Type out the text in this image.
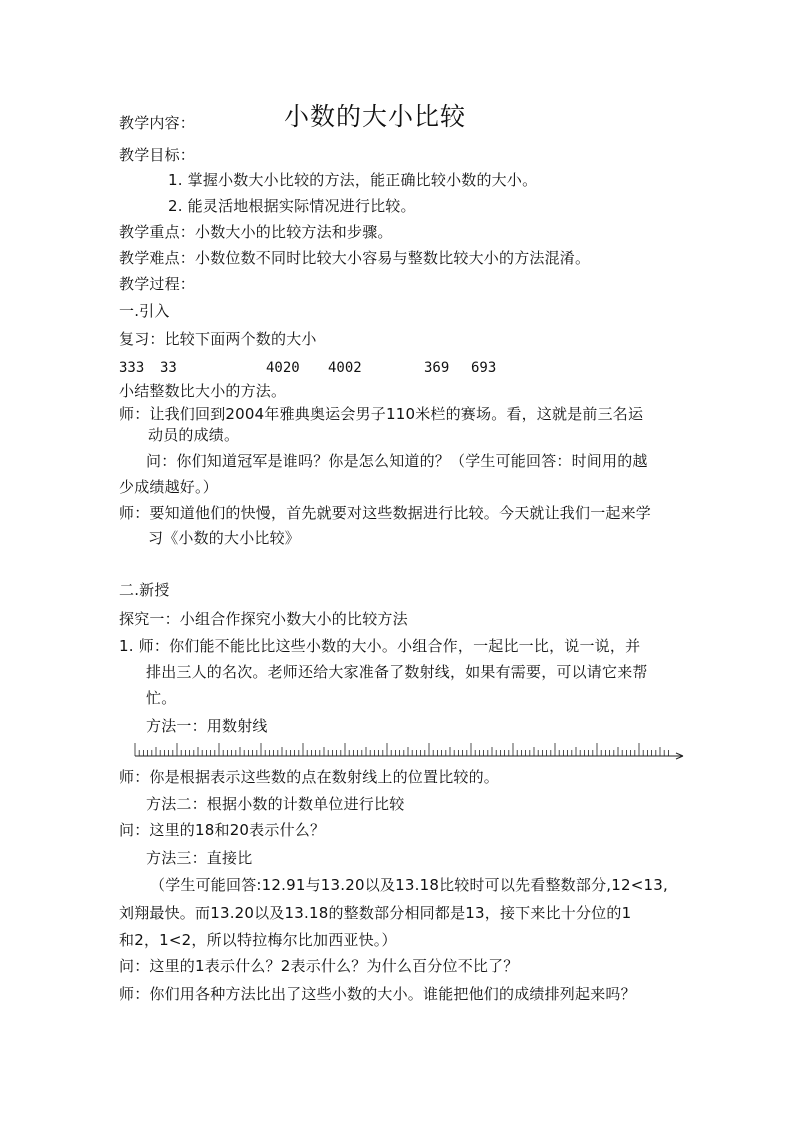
教学内容：	小数的大小比较
教学目标：
1. 掌握小数大小比较的方法，能正确比较小数的大小。
2. 能灵活地根据实际情况进行比较。
教学重点：小数大小的比较方法和步骤。
教学难点：小数位数不同时比较大小容易与整数比较大小的方法混淆。
教学过程：
一.引入
复习：比较下面两个数的大小
333 33	4020 4002	369 693
小结整数比大小的方法。
师：让我们回到2004年雅典奥运会男子110米栏的赛场。看，这就是前三名运
动员的成绩。
问：你们知道冠军是谁吗？你是怎么知道的？（学生可能回答：时间用的越
少成绩越好。）
师：要知道他们的快慢，首先就要对这些数据进行比较。今天就让我们一起来学
习《小数的大小比较》
二.新授
探究一：小组合作探究小数大小的比较方法
1. 师：你们能不能比比这些小数的大小。小组合作，一起比一比，说一说，并
排出三人的名次。老师还给大家准备了数射线，如果有需要，可以请它来帮
忙。
方法一：用数射线
师：你是根据表示这些数的点在数射线上的位置比较的。
方法二：根据小数的计数单位进行比较
问：这里的18和20表示什么？
方法三：直接比
（学生可能回答:12.91与13.20以及13.18比较时可以先看整数部分,12<13,
刘翔最快。而13.20以及13.18的整数部分相同都是13，接下来比十分位的1
和2，1<2，所以特拉梅尔比加西亚快。）
问：这里的1表示什么？2表示什么？为什么百分位不比了？
师：你们用各种方法比出了这些小数的大小。谁能把他们的成绩排列起来吗？
